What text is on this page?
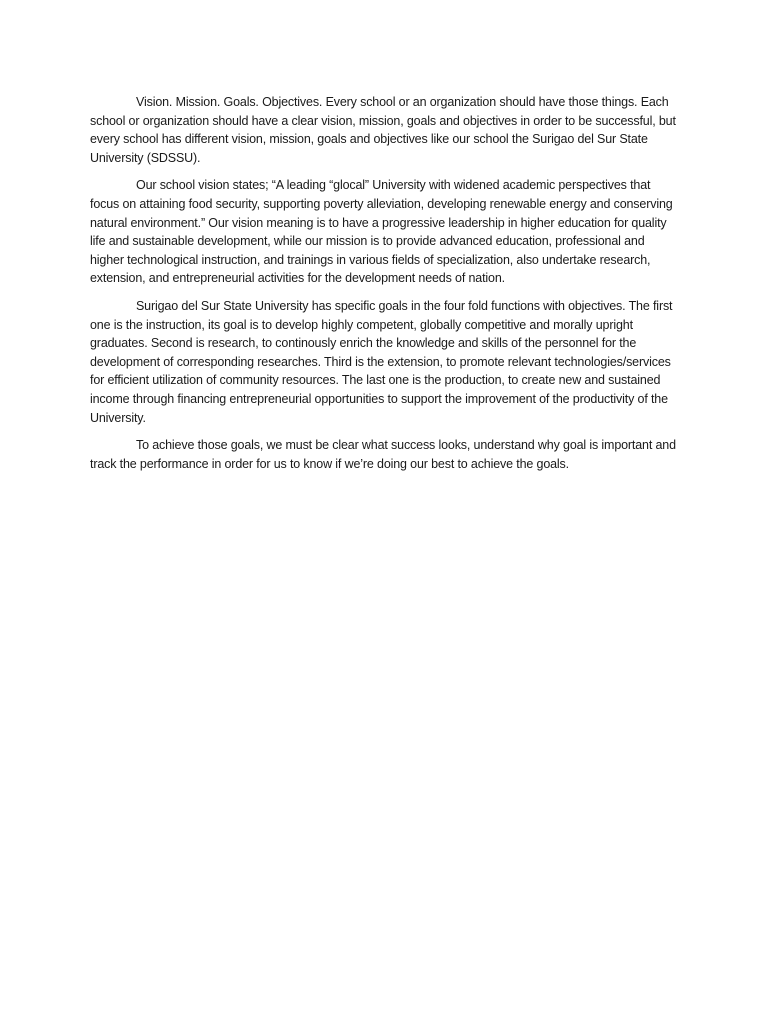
Vision. Mission. Goals. Objectives. Every school or an organization should have those things. Each school or organization should have a clear vision, mission, goals and objectives in order to be successful, but every school has different vision, mission, goals and objectives like our school the Surigao del Sur State University (SDSSU).

Our school vision states; “A leading “glocal” University with widened academic perspectives that focus on attaining food security, supporting poverty alleviation, developing renewable energy and conserving natural environment.” Our vision meaning is to have a progressive leadership in higher education for quality life and sustainable development, while our mission is to provide advanced education, professional and higher technological instruction, and trainings in various fields of specialization, also undertake research, extension, and entrepreneurial activities for the development needs of nation.

Surigao del Sur State University has specific goals in the four fold functions with objectives. The first one is the instruction, its goal is to develop highly competent, globally competitive and morally upright graduates. Second is research, to continously enrich the knowledge and skills of the personnel for the development of corresponding researches. Third is the extension, to promote relevant technologies/services for efficient utilization of community resources. The last one is the production, to create new and sustained income through financing entrepreneurial opportunities to support the improvement of the productivity of the University.

To achieve those goals, we must be clear what success looks, understand why goal is important and track the performance in order for us to know if we’re doing our best to achieve the goals.
